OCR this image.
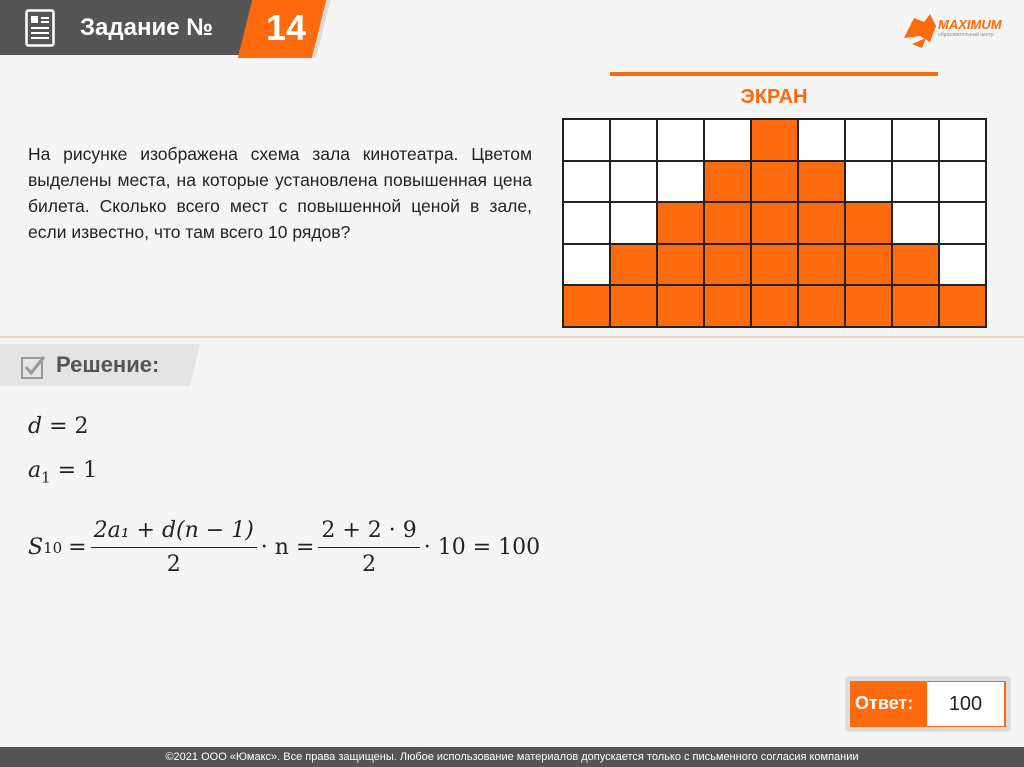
Задание №	14	MAXIMUM
образовательный центр
ЭКРАН
На рисунке изображена схема зала кинотеатра. Цветом выделены места, на которые установлена повышенная цена билета. Сколько всего мест с повышенной ценой в зале, если известно, что там всего 10 рядов?
Решение:
d = 2
$a_1 = 1$
S $10 = \frac{\text{2a₁ + d(n − 1)}}{2} \cdot n = \frac{2 + 2 \cdot 9}{2} \cdot 10 = 100$
Ответ:	100
©2021 ООО «Юмакс». Все права защищены. Любое использование материалов допускается только с письменного согласия компании
